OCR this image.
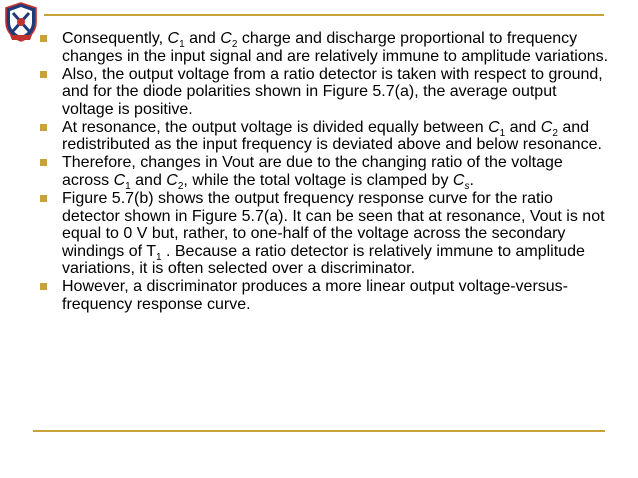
Consequently, $C_1$ and $C_2$ charge and discharge proportional to frequency changes in the input signal and are relatively immune to amplitude variations.
Also, the output voltage from a ratio detector is taken with respect to ground, and for the diode polarities shown in Figure 5.7(a), the average output voltage is positive.
At resonance, the output voltage is divided equally between $C_1$ and $C_2$ and redistributed as the input frequency is deviated above and below resonance.
Therefore, changes in Vout are due to the changing ratio of the voltage across $C_1$ and $C_2$, while the total voltage is clamped by $C_s$.
Figure 5.7(b) shows the output frequency response curve for the ratio detector shown in Figure 5.7(a). It can be seen that at resonance, Vout is not equal to 0 V but, rather, to one-half of the voltage across the secondary windings of $T_1$ . Because a ratio detector is relatively immune to amplitude variations, it is often selected over a discriminator.
However, a discriminator produces a more linear output voltage-versus-frequency response curve.
